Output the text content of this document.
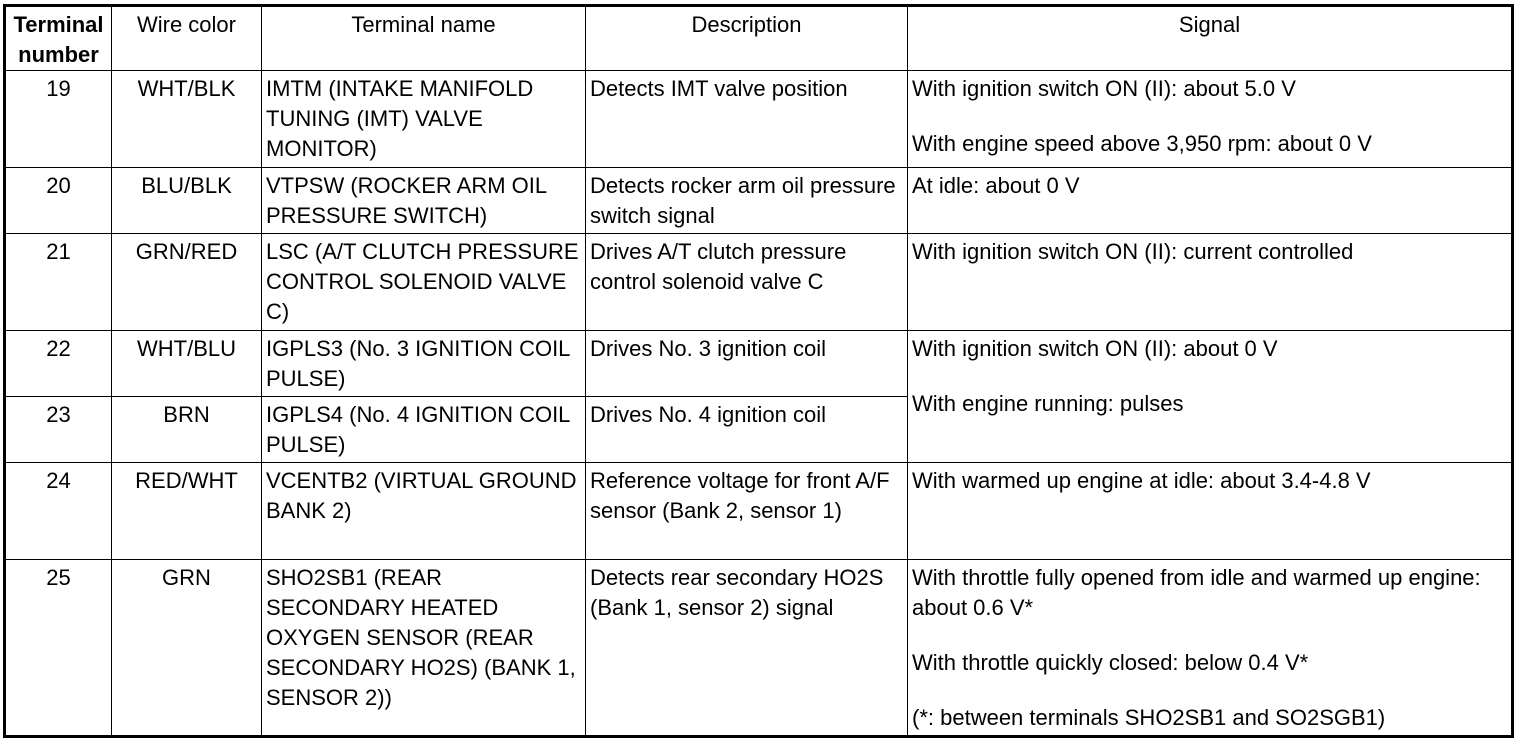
Terminal
number	Wire color	Terminal name	Description	Signal
19	WHT/BLK	IMTM (INTAKE MANIFOLD TUNING (IMT) VALVE MONITOR)	Detects IMT valve position	With ignition switch ON (II): about 5.0 V

With engine speed above 3,950 rpm: about 0 V

20	BLU/BLK	VTPSW (ROCKER ARM OIL PRESSURE SWITCH)	Detects rocker arm oil pressure switch signal	At idle: about 0 V

21	GRN/RED	LSC (A/T CLUTCH PRESSURE CONTROL SOLENOID VALVE C)	Drives A/T clutch pressure control solenoid valve C	With ignition switch ON (II): current controlled

22	WHT/BLU	IGPLS3 (No. 3 IGNITION COIL PULSE)	Drives No. 3 ignition coil	With ignition switch ON (II): about 0 V

With engine running: pulses

23	BRN	IGPLS4 (No. 4 IGNITION COIL PULSE)	Drives No. 4 ignition coil	
24	RED/WHT	VCENTB2 (VIRTUAL GROUND BANK 2)	Reference voltage for front A/F sensor (Bank 2, sensor 1)	With warmed up engine at idle: about 3.4-4.8 V

25	GRN	SHO2SB1 (REAR SECONDARY HEATED OXYGEN SENSOR (REAR SECONDARY HO2S) (BANK 1, SENSOR 2))	Detects rear secondary HO2S   (Bank 1, sensor 2) signal	With throttle fully opened from idle and warmed up engine: about 0.6 V*

With throttle quickly closed: below 0.4 V*

(*: between terminals SHO2SB1 and SO2SGB1)
